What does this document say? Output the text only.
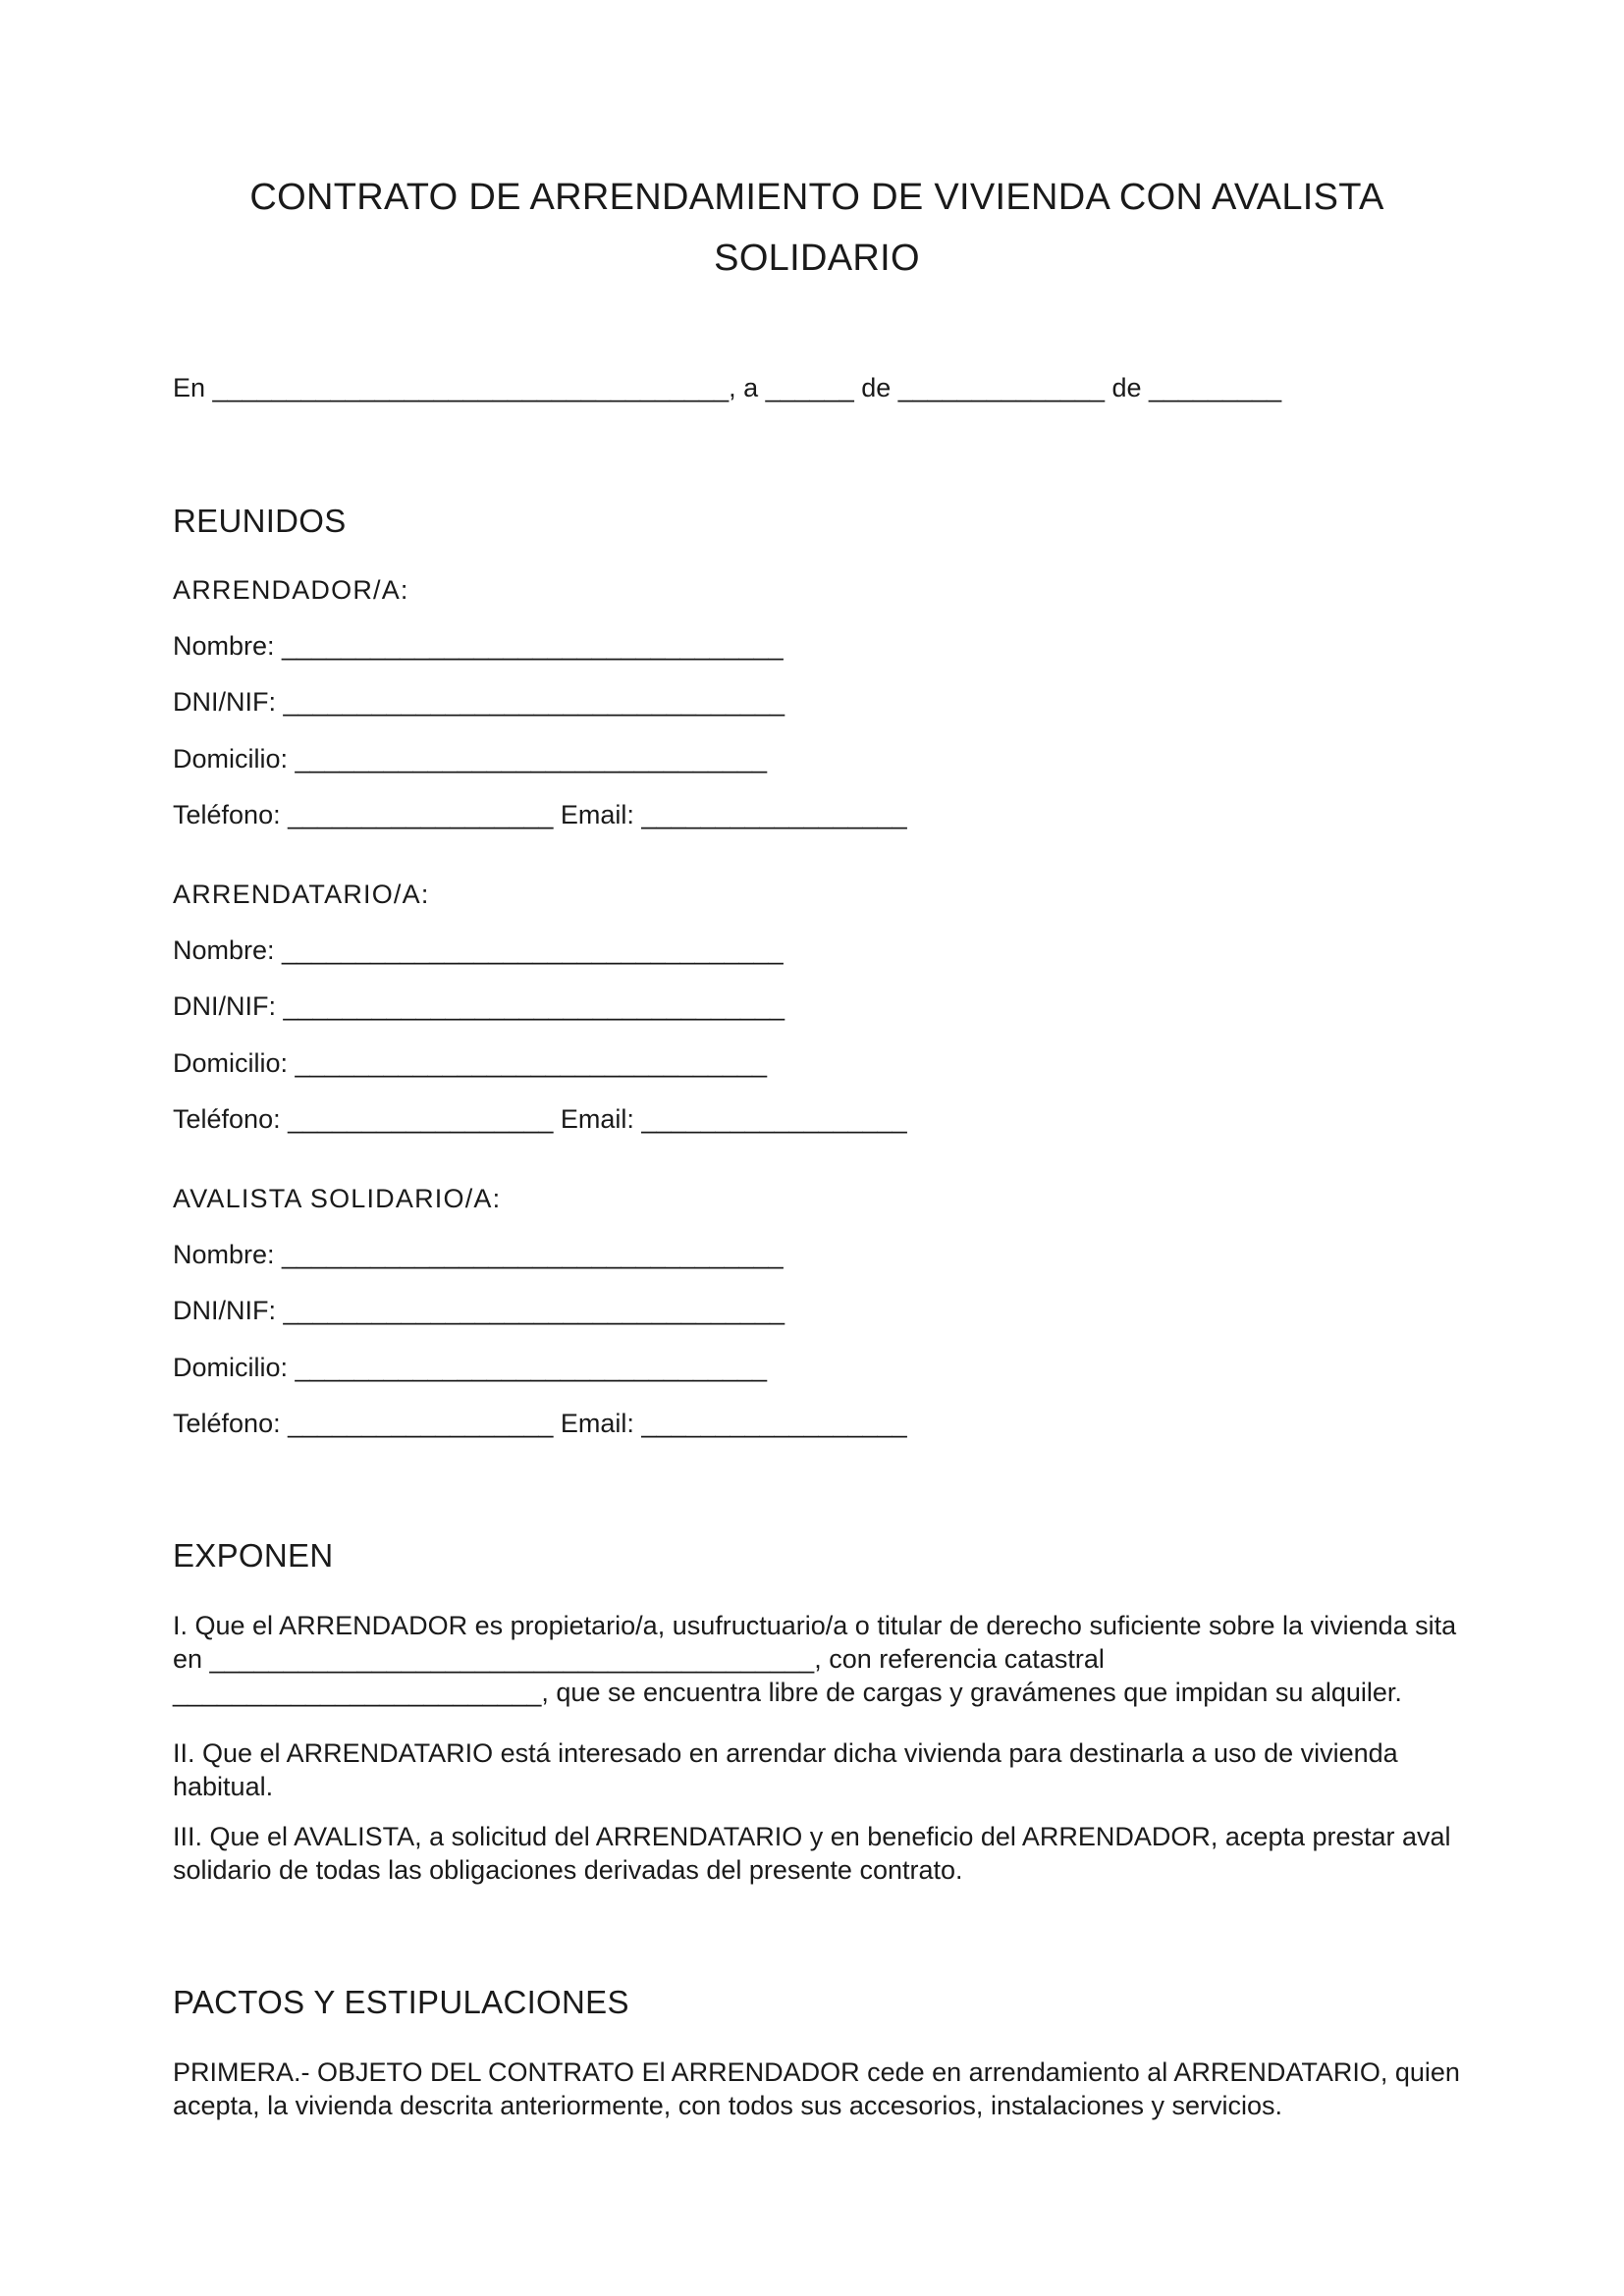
CONTRATO DE ARRENDAMIENTO DE VIVIENDA CON AVALISTA
SOLIDARIO

En ___________________________________, a ______ de ______________ de _________

REUNIDOS

ARRENDADOR/A:

Nombre: __________________________________

DNI/NIF: __________________________________

Domicilio: ________________________________

Teléfono: __________________ Email: __________________

ARRENDATARIO/A:

Nombre: __________________________________

DNI/NIF: __________________________________

Domicilio: ________________________________

Teléfono: __________________ Email: __________________

AVALISTA SOLIDARIO/A:

Nombre: __________________________________

DNI/NIF: __________________________________

Domicilio: ________________________________

Teléfono: __________________ Email: __________________

EXPONEN

I. Que el ARRENDADOR es propietario/a, usufructuario/a o titular de derecho suficiente sobre la vivienda sita en _________________________________________, con referencia catastral _________________________, que se encuentra libre de cargas y gravámenes que impidan su alquiler.

II. Que el ARRENDATARIO está interesado en arrendar dicha vivienda para destinarla a uso de vivienda habitual.

III. Que el AVALISTA, a solicitud del ARRENDATARIO y en beneficio del ARRENDADOR, acepta prestar aval solidario de todas las obligaciones derivadas del presente contrato.

PACTOS Y ESTIPULACIONES

PRIMERA.- OBJETO DEL CONTRATO El ARRENDADOR cede en arrendamiento al ARRENDATARIO, quien acepta, la vivienda descrita anteriormente, con todos sus accesorios, instalaciones y servicios.
